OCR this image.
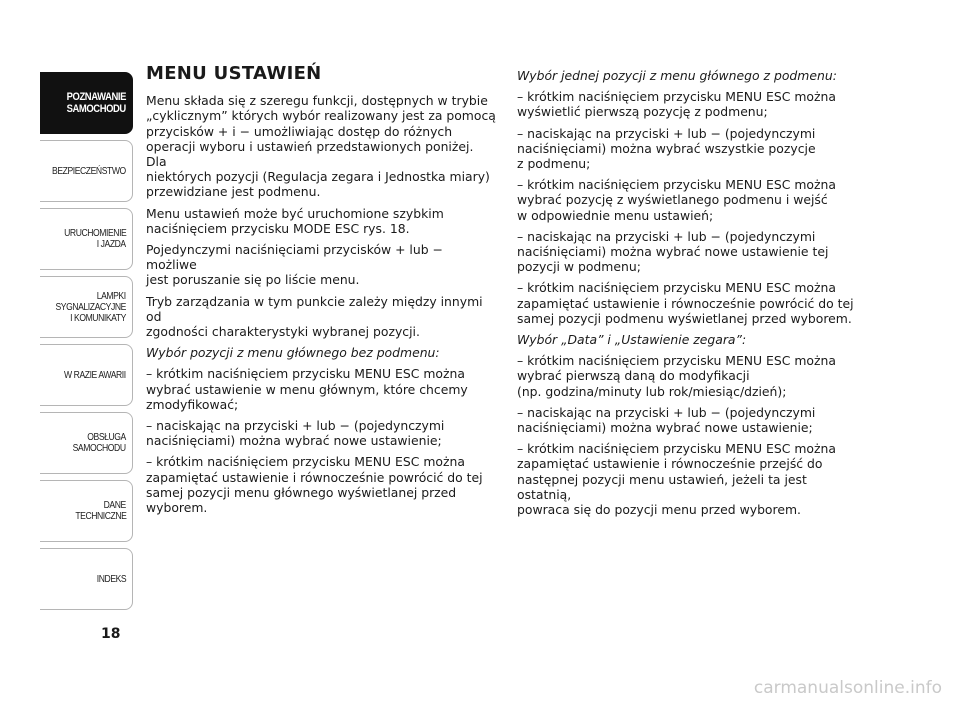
POZNAWANIE
SAMOCHODU
BEZPIECZEŃSTWO
URUCHOMIENIE
I JAZDA
LAMPKI
SYGNALIZACYJNE
I KOMUNIKATY
W RAZIE AWARII
OBSŁUGA
SAMOCHODU
DANE
TECHNICZNE
INDEKS
18
MENU USTAWIEŃ

Menu składa się z szeregu funkcji, dostępnych w trybie
„cyklicznym” których wybór realizowany jest za pomocą
przycisków + i − umożliwiając dostęp do różnych
operacji wyboru i ustawień przedstawionych poniżej. Dla
niektórych pozycji (Regulacja zegara i Jednostka miary)
przewidziane jest podmenu.

Menu ustawień może być uruchomione szybkim
naciśnięciem przycisku MODE ESC rys. 18.

Pojedynczymi naciśnięciami przycisków + lub − możliwe
jest poruszanie się po liście menu.

Tryb zarządzania w tym punkcie zależy między innymi od
zgodności charakterystyki wybranej pozycji.

Wybór pozycji z menu głównego bez podmenu:

– krótkim naciśnięciem przycisku MENU ESC można
wybrać ustawienie w menu głównym, które chcemy
zmodyfikować;

– naciskając na przyciski + lub − (pojedynczymi
naciśnięciami) można wybrać nowe ustawienie;

– krótkim naciśnięciem przycisku MENU ESC można
zapamiętać ustawienie i równocześnie powrócić do tej
samej pozycji menu głównego wyświetlanej przed
wyborem.

Wybór jednej pozycji z menu głównego z podmenu:

– krótkim naciśnięciem przycisku MENU ESC można
wyświetlić pierwszą pozycję z podmenu;

– naciskając na przyciski + lub − (pojedynczymi
naciśnięciami) można wybrać wszystkie pozycje
z podmenu;

– krótkim naciśnięciem przycisku MENU ESC można
wybrać pozycję z wyświetlanego podmenu i wejść
w odpowiednie menu ustawień;

– naciskając na przyciski + lub − (pojedynczymi
naciśnięciami) można wybrać nowe ustawienie tej
pozycji w podmenu;

– krótkim naciśnięciem przycisku MENU ESC można
zapamiętać ustawienie i równocześnie powrócić do tej
samej pozycji podmenu wyświetlanej przed wyborem.

Wybór „Data” i „Ustawienie zegara”:

– krótkim naciśnięciem przycisku MENU ESC można
wybrać pierwszą daną do modyfikacji
(np. godzina/minuty lub rok/miesiąc/dzień);

– naciskając na przyciski + lub − (pojedynczymi
naciśnięciami) można wybrać nowe ustawienie;

– krótkim naciśnięciem przycisku MENU ESC można
zapamiętać ustawienie i równocześnie przejść do
następnej pozycji menu ustawień, jeżeli ta jest ostatnią,
powraca się do pozycji menu przed wyborem.

carmanualsonline.info
